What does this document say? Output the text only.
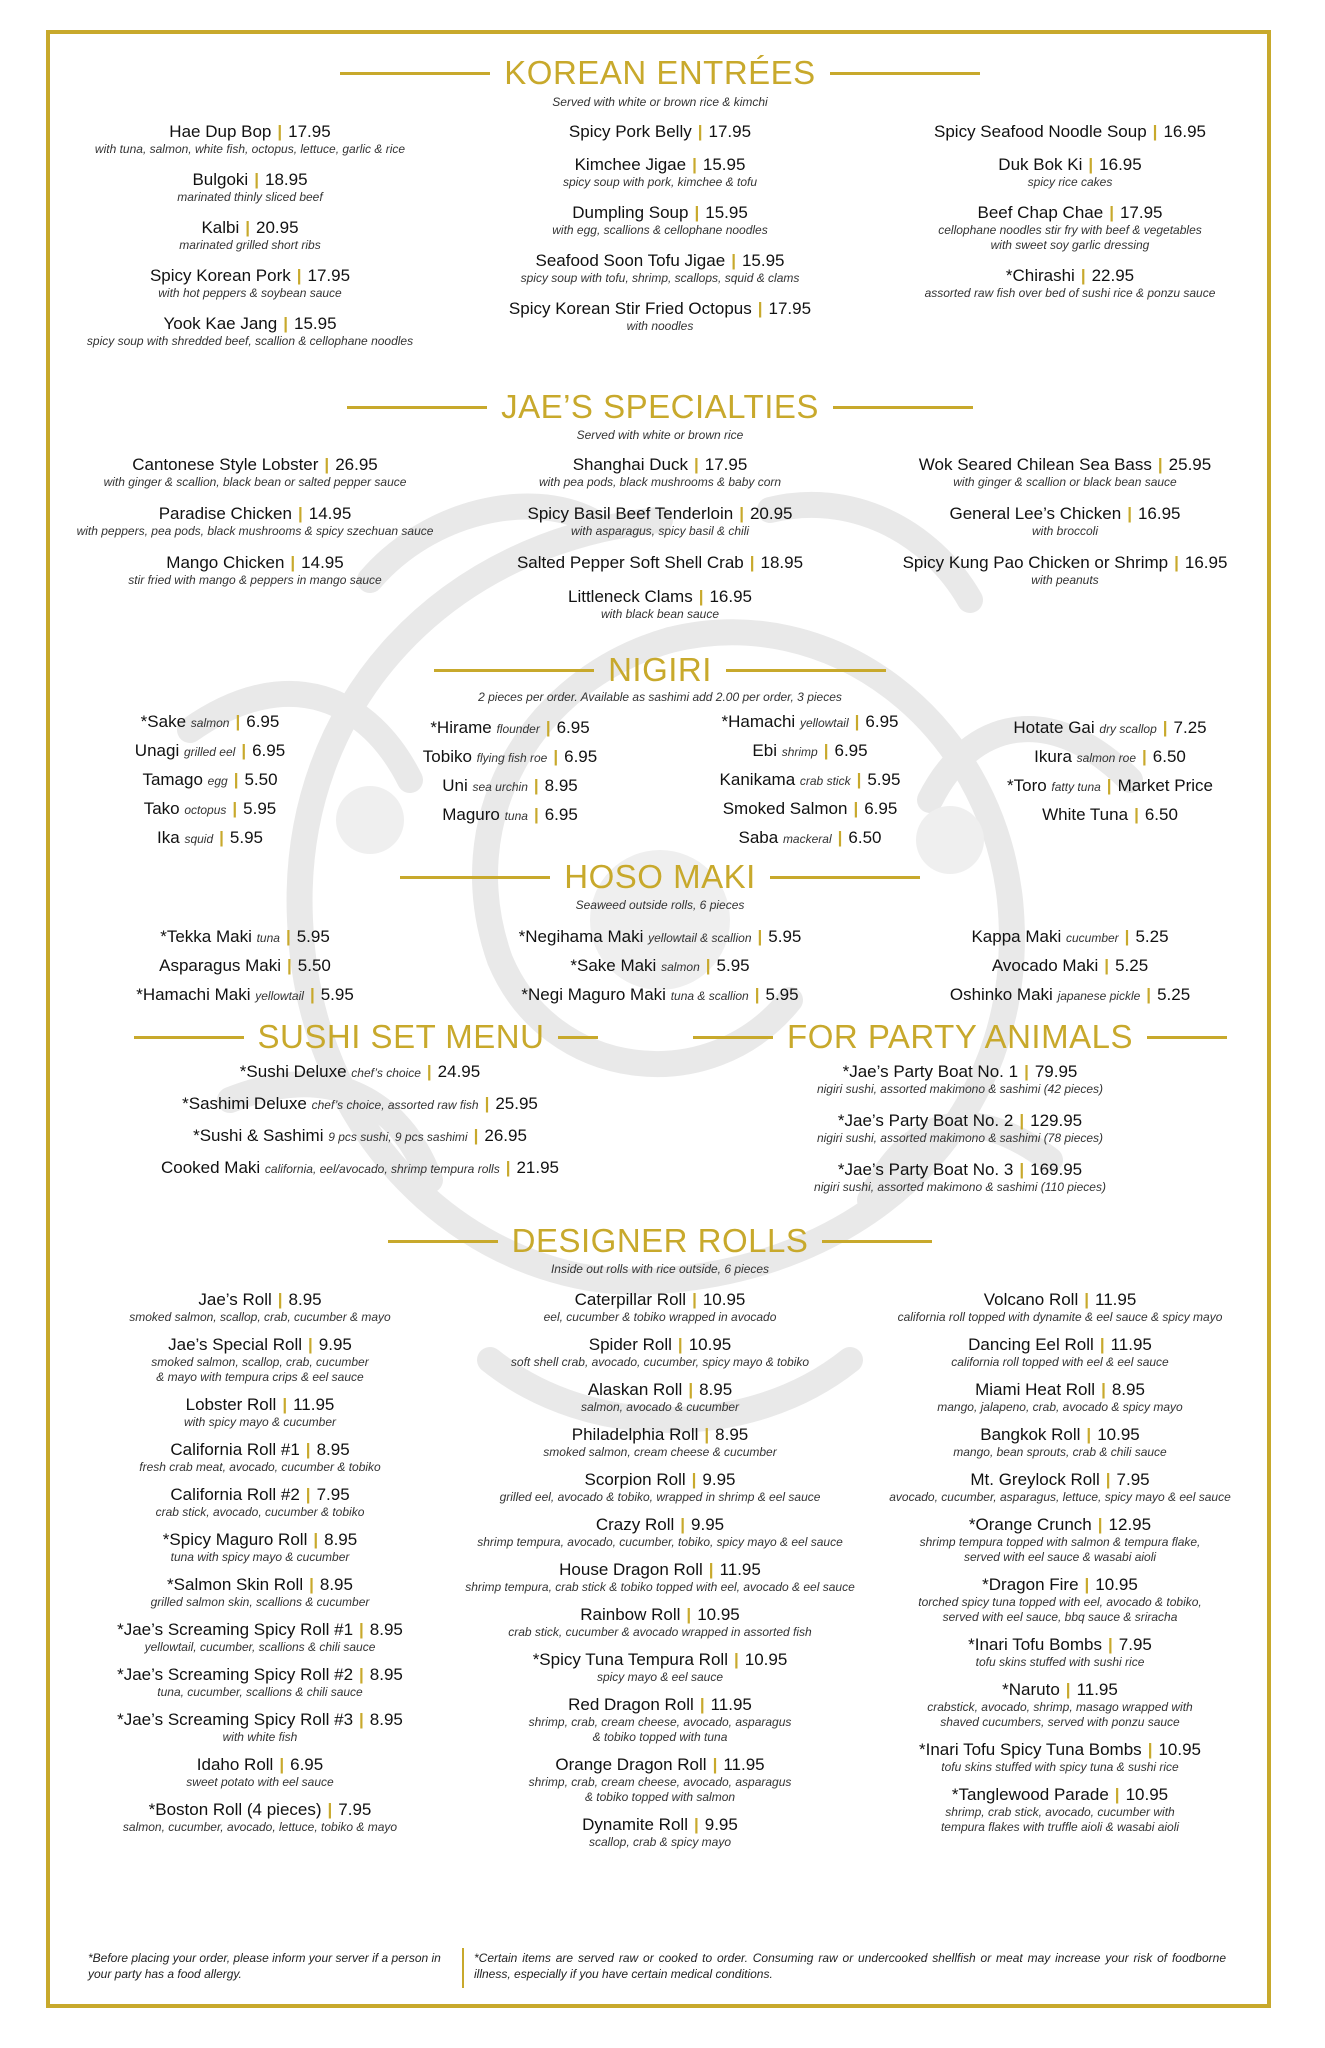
KOREAN ENTRÉES
Served with white or brown rice & kimchi
Hae Dup Bop | 17.95
with tuna, salmon, white fish, octopus, lettuce, garlic & rice
Bulgoki | 18.95
marinated thinly sliced beef
Kalbi | 20.95
marinated grilled short ribs
Spicy Korean Pork | 17.95
with hot peppers & soybean sauce
Yook Kae Jang | 15.95
spicy soup with shredded beef, scallion & cellophane noodles
Spicy Pork Belly | 17.95
Kimchee Jigae | 15.95
spicy soup with pork, kimchee & tofu
Dumpling Soup | 15.95
with egg, scallions & cellophane noodles
Seafood Soon Tofu Jigae | 15.95
spicy soup with tofu, shrimp, scallops, squid & clams
Spicy Korean Stir Fried Octopus | 17.95
with noodles
Spicy Seafood Noodle Soup | 16.95
Duk Bok Ki | 16.95
spicy rice cakes
Beef Chap Chae | 17.95
cellophane noodles stir fry with beef & vegetables
with sweet soy garlic dressing
*Chirashi | 22.95
assorted raw fish over bed of sushi rice & ponzu sauce
JAE’S SPECIALTIES
Served with white or brown rice
Cantonese Style Lobster | 26.95
with ginger & scallion, black bean or salted pepper sauce
Paradise Chicken | 14.95
with peppers, pea pods, black mushrooms & spicy szechuan sauce
Mango Chicken | 14.95
stir fried with mango & peppers in mango sauce
Shanghai Duck | 17.95
with pea pods, black mushrooms & baby corn
Spicy Basil Beef Tenderloin | 20.95
with asparagus, spicy basil & chili
Salted Pepper Soft Shell Crab | 18.95
Littleneck Clams | 16.95
with black bean sauce
Wok Seared Chilean Sea Bass | 25.95
with ginger & scallion or black bean sauce
General Lee’s Chicken | 16.95
with broccoli
Spicy Kung Pao Chicken or Shrimp | 16.95
with peanuts
NIGIRI
2 pieces per order. Available as sashimi add 2.00 per order, 3 pieces
*Sake salmon | 6.95
Unagi grilled eel | 6.95
Tamago egg | 5.50
Tako octopus | 5.95
Ika squid | 5.95
*Hirame flounder | 6.95
Tobiko flying fish roe | 6.95
Uni sea urchin | 8.95
Maguro tuna | 6.95
*Hamachi yellowtail | 6.95
Ebi shrimp | 6.95
Kanikama crab stick | 5.95
Smoked Salmon | 6.95
Saba mackeral | 6.50
Hotate Gai dry scallop | 7.25
Ikura salmon roe | 6.50
*Toro fatty tuna | Market Price
White Tuna | 6.50
HOSO MAKI
Seaweed outside rolls, 6 pieces
*Tekka Maki tuna | 5.95
Asparagus Maki | 5.50
*Hamachi Maki yellowtail | 5.95
*Negihama Maki yellowtail & scallion | 5.95
*Sake Maki salmon | 5.95
*Negi Maguro Maki tuna & scallion | 5.95
Kappa Maki cucumber | 5.25
Avocado Maki | 5.25
Oshinko Maki japanese pickle | 5.25
SUSHI SET MENU
*Sushi Deluxe chef’s choice | 24.95
*Sashimi Deluxe chef’s choice, assorted raw fish | 25.95
*Sushi & Sashimi 9 pcs sushi, 9 pcs sashimi | 26.95
Cooked Maki california, eel/avocado, shrimp tempura rolls | 21.95
FOR PARTY ANIMALS
*Jae’s Party Boat No. 1 | 79.95
nigiri sushi, assorted makimono & sashimi (42 pieces)
*Jae’s Party Boat No. 2 | 129.95
nigiri sushi, assorted makimono & sashimi (78 pieces)
*Jae’s Party Boat No. 3 | 169.95
nigiri sushi, assorted makimono & sashimi (110 pieces)
DESIGNER ROLLS
Inside out rolls with rice outside, 6 pieces
Jae’s Roll | 8.95
smoked salmon, scallop, crab, cucumber & mayo
Jae’s Special Roll | 9.95
smoked salmon, scallop, crab, cucumber
& mayo with tempura crips & eel sauce
Lobster Roll | 11.95
with spicy mayo & cucumber
California Roll #1 | 8.95
fresh crab meat, avocado, cucumber & tobiko
California Roll #2 | 7.95
crab stick, avocado, cucumber & tobiko
*Spicy Maguro Roll | 8.95
tuna with spicy mayo & cucumber
*Salmon Skin Roll | 8.95
grilled salmon skin, scallions & cucumber
*Jae’s Screaming Spicy Roll #1 | 8.95
yellowtail, cucumber, scallions & chili sauce
*Jae’s Screaming Spicy Roll #2 | 8.95
tuna, cucumber, scallions & chili sauce
*Jae’s Screaming Spicy Roll #3 | 8.95
with white fish
Idaho Roll | 6.95
sweet potato with eel sauce
*Boston Roll (4 pieces) | 7.95
salmon, cucumber, avocado, lettuce, tobiko & mayo
Caterpillar Roll | 10.95
eel, cucumber & tobiko wrapped in avocado
Spider Roll | 10.95
soft shell crab, avocado, cucumber, spicy mayo & tobiko
Alaskan Roll | 8.95
salmon, avocado & cucumber
Philadelphia Roll | 8.95
smoked salmon, cream cheese & cucumber
Scorpion Roll | 9.95
grilled eel, avocado & tobiko, wrapped in shrimp & eel sauce
Crazy Roll | 9.95
shrimp tempura, avocado, cucumber, tobiko, spicy mayo & eel sauce
House Dragon Roll | 11.95
shrimp tempura, crab stick & tobiko topped with eel, avocado & eel sauce
Rainbow Roll | 10.95
crab stick, cucumber & avocado wrapped in assorted fish
*Spicy Tuna Tempura Roll | 10.95
spicy mayo & eel sauce
Red Dragon Roll | 11.95
shrimp, crab, cream cheese, avocado, asparagus
& tobiko topped with tuna
Orange Dragon Roll | 11.95
shrimp, crab, cream cheese, avocado, asparagus
& tobiko topped with salmon
Dynamite Roll | 9.95
scallop, crab & spicy mayo
Volcano Roll | 11.95
california roll topped with dynamite & eel sauce & spicy mayo
Dancing Eel Roll | 11.95
california roll topped with eel & eel sauce
Miami Heat Roll | 8.95
mango, jalapeno, crab, avocado & spicy mayo
Bangkok Roll | 10.95
mango, bean sprouts, crab & chili sauce
Mt. Greylock Roll | 7.95
avocado, cucumber, asparagus, lettuce, spicy mayo & eel sauce
*Orange Crunch | 12.95
shrimp tempura topped with salmon & tempura flake,
served with eel sauce & wasabi aioli
*Dragon Fire | 10.95
torched spicy tuna topped with eel, avocado & tobiko,
served with eel sauce, bbq sauce & sriracha
*Inari Tofu Bombs | 7.95
tofu skins stuffed with sushi rice
*Naruto | 11.95
crabstick, avocado, shrimp, masago wrapped with
shaved cucumbers, served with ponzu sauce
*Inari Tofu Spicy Tuna Bombs | 10.95
tofu skins stuffed with spicy tuna & sushi rice
*Tanglewood Parade | 10.95
shrimp, crab stick, avocado, cucumber with
tempura flakes with truffle aioli & wasabi aioli
*Before placing your order, please inform your server if a person in your party has a food allergy.
*Certain items are served raw or cooked to order. Consuming raw or undercooked shellfish or meat may increase your risk of foodborne illness, especially if you have certain medical conditions.
